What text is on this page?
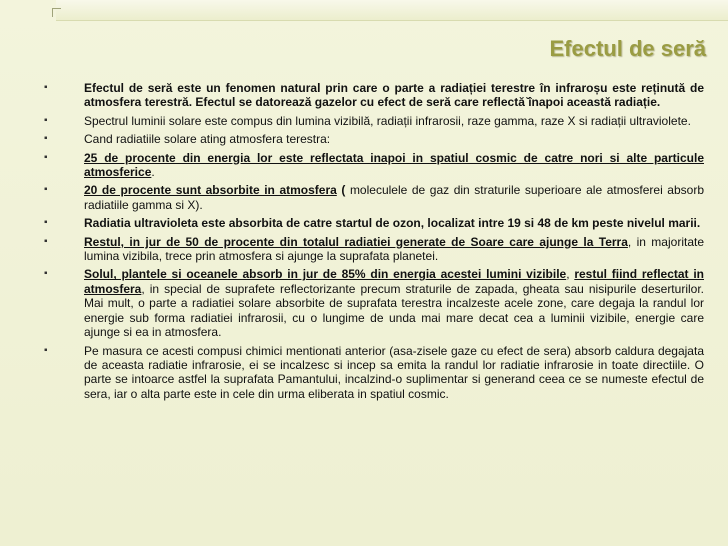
Efectul de seră
▪	Efectul de seră este un fenomen natural prin care o parte a radiației terestre în infraroșu este reținută de atmosfera terestră. Efectul se datorează gazelor cu efect de seră care reflectă ̆înapoi această radiație.
▪	Spectrul luminii solare este compus din lumina vizibilă, radiații infrarosii, raze gamma, raze X si radiații ultraviolete.
▪	Cand radiatiile solare ating atmosfera terestra:
▪	25 de procente din energia lor este reflectata inapoi in spatiul cosmic de catre nori si alte particule atmosferice.
▪	20 de procente sunt absorbite in atmosfera ( moleculele de gaz din straturile superioare ale atmosferei absorb radiatiile gamma si X).
▪	Radiatia ultravioleta este absorbita de catre startul de ozon, localizat intre 19 si 48 de km peste nivelul marii.
▪	Restul, in jur de 50 de procente din totalul radiatiei generate de Soare care ajunge la Terra, in majoritate lumina vizibila, trece prin atmosfera si ajunge la suprafata planetei.
▪	Solul, plantele si oceanele absorb in jur de 85% din energia acestei lumini vizibile, restul fiind reflectat in atmosfera, in special de suprafete reflectorizante precum straturile de zapada, gheata sau nisipurile deserturilor. Mai mult, o parte a radiatiei solare absorbite de suprafata terestra incalzeste acele zone, care degaja la randul lor energie sub forma radiatiei infrarosii, cu o lungime de unda mai mare decat cea a luminii vizibile, energie care ajunge si ea in atmosfera.
▪	Pe masura ce acesti compusi chimici mentionati anterior (asa-zisele gaze cu efect de sera) absorb caldura degajata de aceasta radiatie infrarosie, ei se incalzesc si incep sa emita la randul lor radiatie infrarosie in toate directiile. O parte se intoarce astfel la suprafata Pamantului, incalzind-o suplimentar si generand ceea ce se numeste efectul de sera, iar o alta parte este in cele din urma eliberata in spatiul cosmic.
